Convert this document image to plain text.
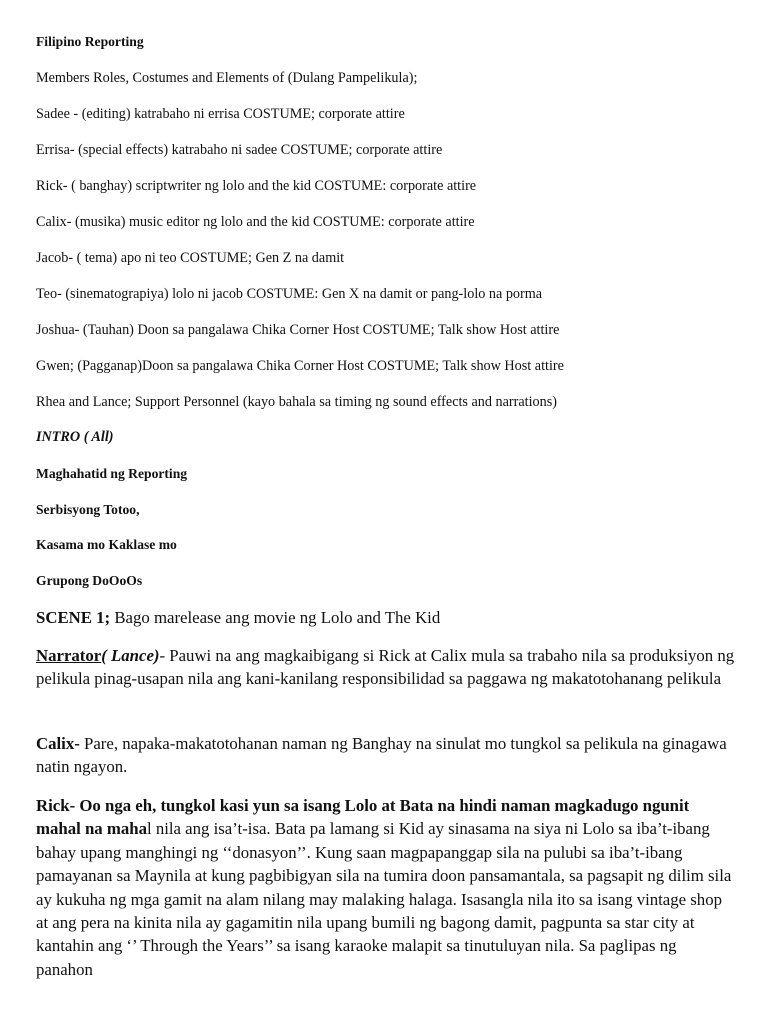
Filipino Reporting
Members Roles, Costumes and Elements of (Dulang Pampelikula);
Sadee - (editing) katrabaho ni errisa COSTUME; corporate attire
Errisa- (special effects) katrabaho ni sadee COSTUME; corporate attire
Rick- ( banghay) scriptwriter ng lolo and the kid COSTUME: corporate attire
Calix- (musika) music editor ng lolo and the kid COSTUME: corporate attire
Jacob- ( tema) apo ni teo COSTUME; Gen Z na damit
Teo- (sinematograpiya) lolo ni jacob COSTUME: Gen X na damit or pang-lolo na porma
Joshua- (Tauhan) Doon sa pangalawa Chika Corner Host COSTUME; Talk show Host attire
Gwen; (Pagganap)Doon sa pangalawa Chika Corner Host COSTUME; Talk show Host attire
Rhea and Lance; Support Personnel (kayo bahala sa timing ng sound effects and narrations)
INTRO ( All)
Maghahatid ng Reporting
Serbisyong Totoo,
Kasama mo Kaklase mo
Grupong DoOoOs
SCENE 1; Bago marelease ang movie ng Lolo and The Kid
Narrator( Lance)- Pauwi na ang magkaibigang si Rick at Calix mula sa trabaho nila sa produksiyon ng pelikula pinag-usapan nila ang kani-kanilang responsibilidad sa paggawa ng makatotohanang pelikula
Calix- Pare, napaka-makatotohanan naman ng Banghay na sinulat mo tungkol sa pelikula na ginagawa natin ngayon.
Rick- Oo nga eh, tungkol kasi yun sa isang Lolo at Bata na hindi naman magkadugo ngunit mahal na mahal nila ang isa’t-isa. Bata pa lamang si Kid ay sinasama na siya ni Lolo sa iba’t-ibang bahay upang manghingi ng ‘‘donasyon’’. Kung saan magpapanggap sila na pulubi sa iba’t-ibang pamayanan sa Maynila at kung pagbibigyan sila na tumira doon pansamantala, sa pagsapit ng dilim sila ay kukuha ng mga gamit na alam nilang may malaking halaga. Isasangla nila ito sa isang vintage shop at ang pera na kinita nila ay gagamitin nila upang bumili ng bagong damit, pagpunta sa star city at kantahin ang ‘’ Through the Years’’ sa isang karaoke malapit sa tinutuluyan nila. Sa paglipas ng panahon
